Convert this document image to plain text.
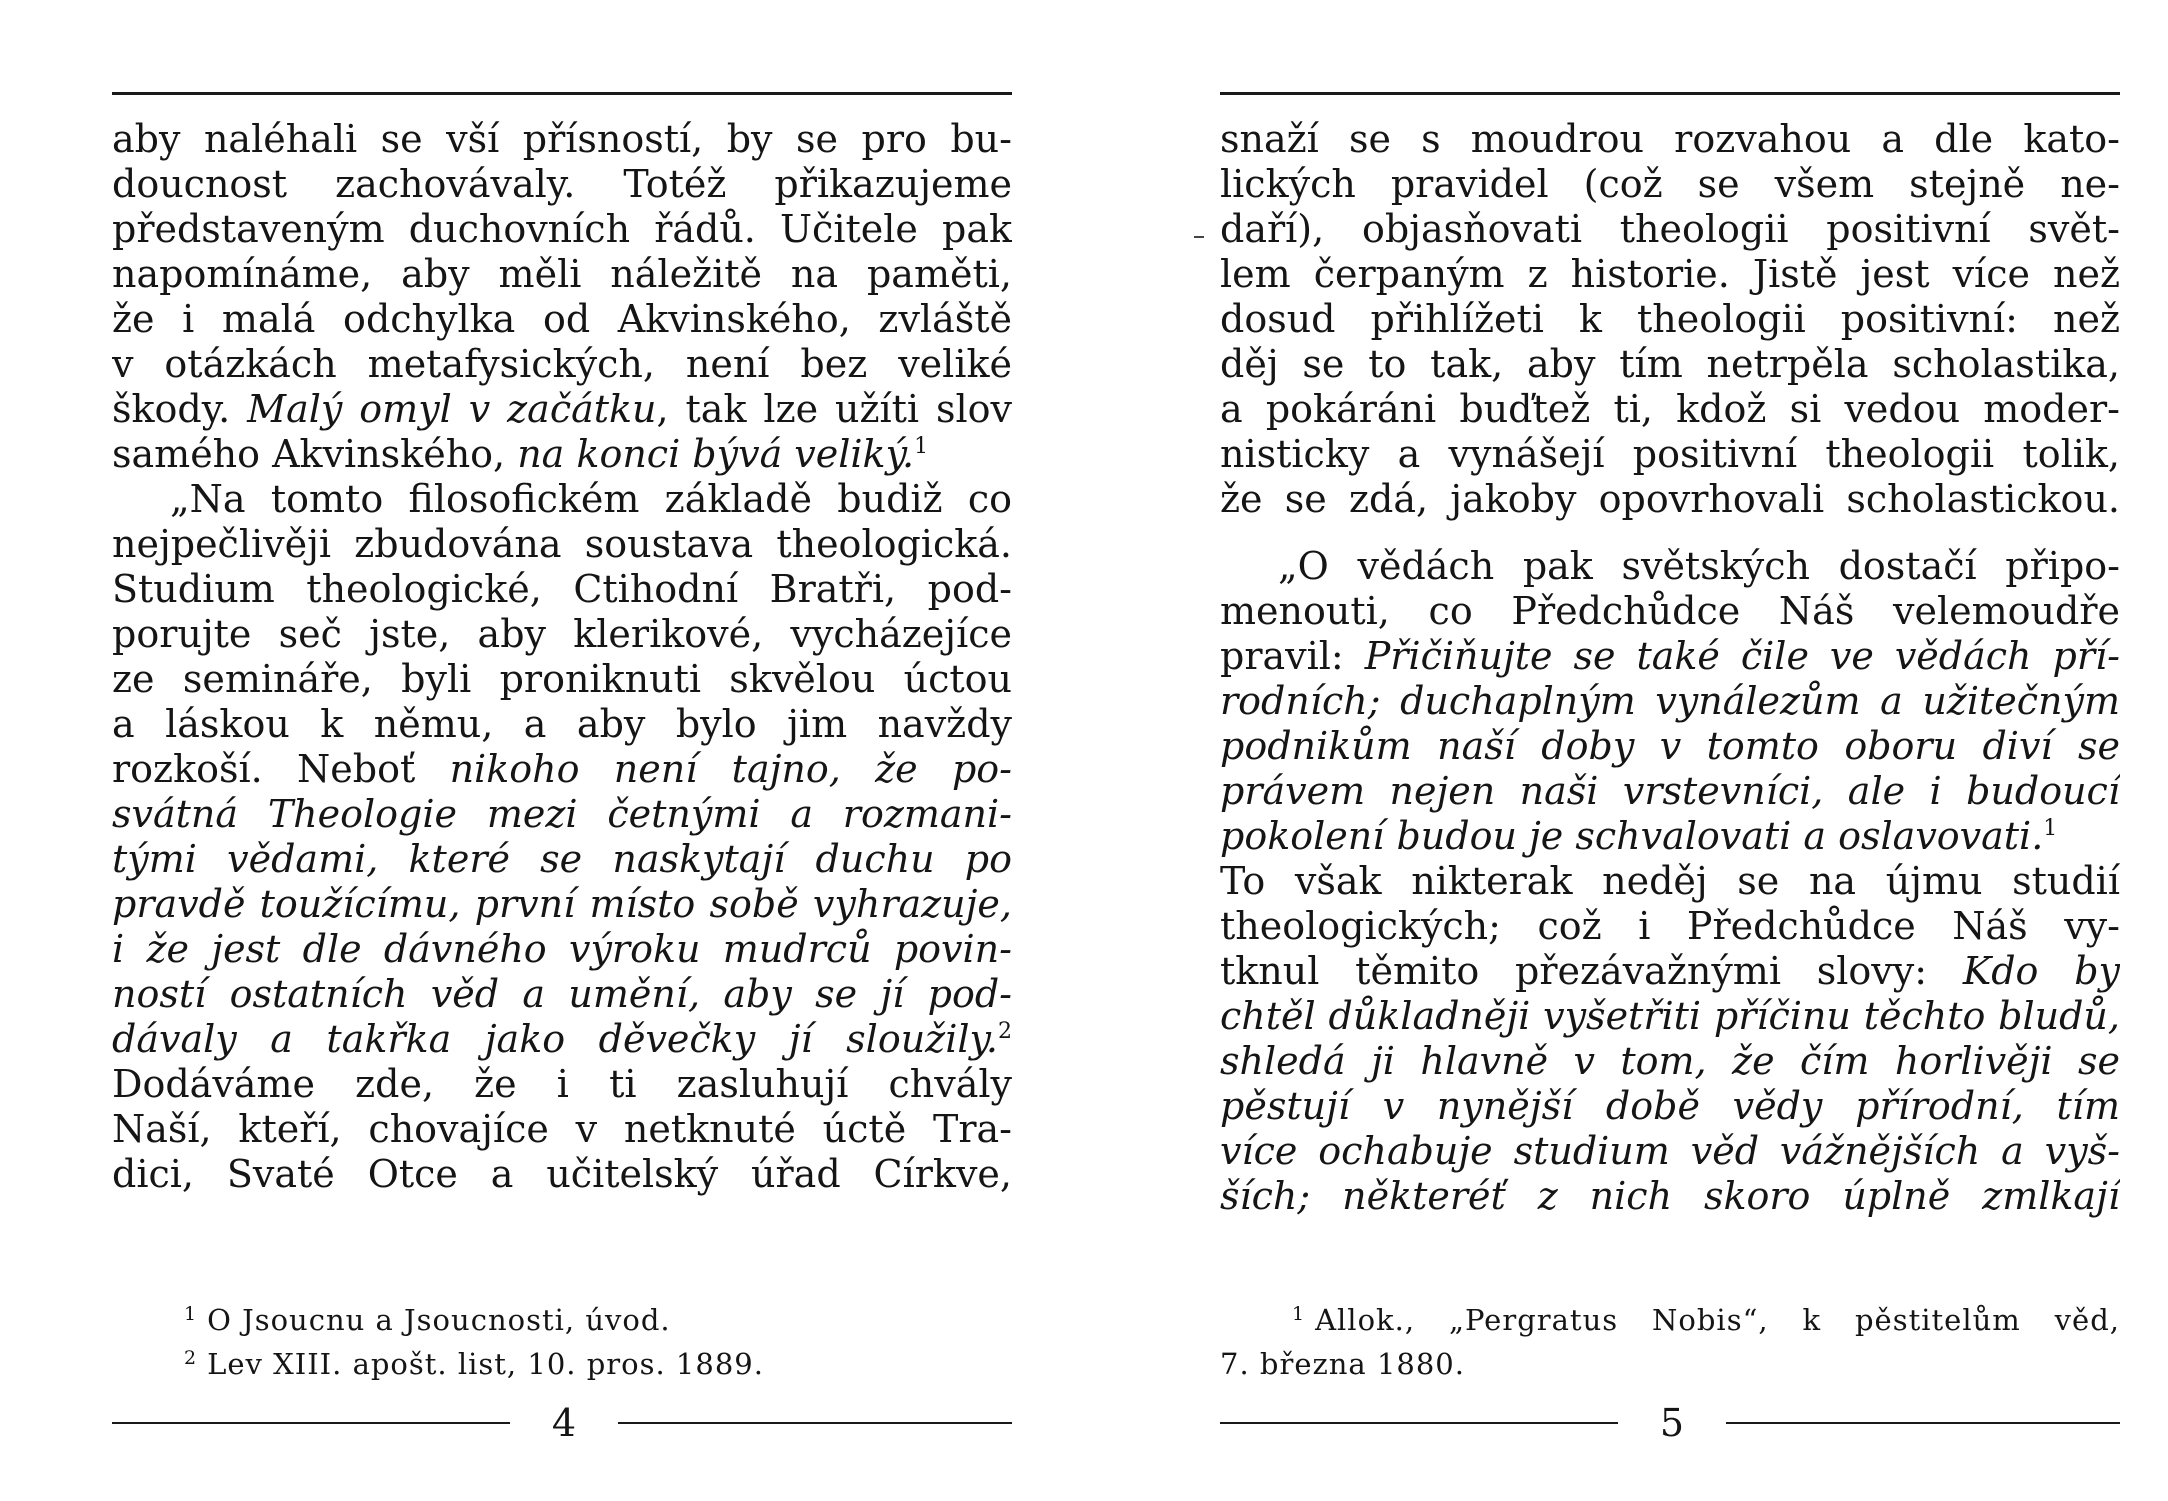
aby naléhali se vší přísností, by se pro bu-
doucnost zachovávaly. Totéž přikazujeme
představeným duchovních řádů. Učitele pak
napomínáme, aby měli náležitě na paměti,
že i malá odchylka od Akvinského, zvláště
v otázkách metafysických, není bez veliké
škody. Malý omyl v začátku, tak lze užíti slov
samého Akvinského, na konci bývá veliký.$^1$
„Na tomto filosofickém základě budiž co
nejpečlivěji zbudována soustava theologická.
Studium theologické, Ctihodní Bratři, pod-
porujte seč jste, aby klerikové, vycházejíce
ze semináře, byli proniknuti skvělou úctou
a láskou k němu, a aby bylo jim navždy
rozkoší. Neboť nikoho není tajno, že po-
svátná Theologie mezi četnými a rozmani-
tými vědami, které se naskytají duchu po
pravdě toužícímu, první místo sobě vyhrazuje,
i že jest dle dávného výroku mudrců povin-
ností ostatních věd a umění, aby se jí pod-
dávaly a takřka jako děvečky jí sloužily.$^2$
Dodáváme zde, že i ti zasluhují chvály
Naší, kteří, chovajíce v netknuté úctě Tra-
dici, Svaté Otce a učitelský úřad Církve,
$^1$ O Jsoucnu a Jsoucnosti, úvod.
$^2$ Lev XIII. apošt. list, 10. pros. 1889.
4
snaží se s moudrou rozvahou a dle kato-
lických pravidel (což se všem stejně ne-
daří), objasňovati theologii positivní svět-
lem čerpaným z historie. Jistě jest více než
dosud přihlížeti k theologii positivní: než
děj se to tak, aby tím netrpěla scholastika,
a pokáráni buďtež ti, kdož si vedou moder-
nisticky a vynášejí positivní theologii tolik,
že se zdá, jakoby opovrhovali scholastickou.
„O vědách pak světských dostačí připo-
menouti, co Předchůdce Náš velemoudře
pravil: Přičiňujte se také čile ve vědách pří-
rodních; duchaplným vynálezům a užitečným
podnikům naší doby v tomto oboru diví se
právem nejen naši vrstevníci, ale i budoucí
pokolení budou je schvalovati a oslavovati.$^1$
To však nikterak neděj se na újmu studií
theologických; což i Předchůdce Náš vy-
tknul těmito přezávažnými slovy: Kdo by
chtěl důkladněji vyšetřiti příčinu těchto bludů,
shledá ji hlavně v tom, že čím horlivěji se
pěstují v nynější době vědy přírodní, tím
více ochabuje studium věd vážnějších a vyš-
ších; některéť z nich skoro úplně zmlkají
$^1$ Allok., „Pergratus Nobis“, k pěstitelům věd,
7. března 1880.
5
